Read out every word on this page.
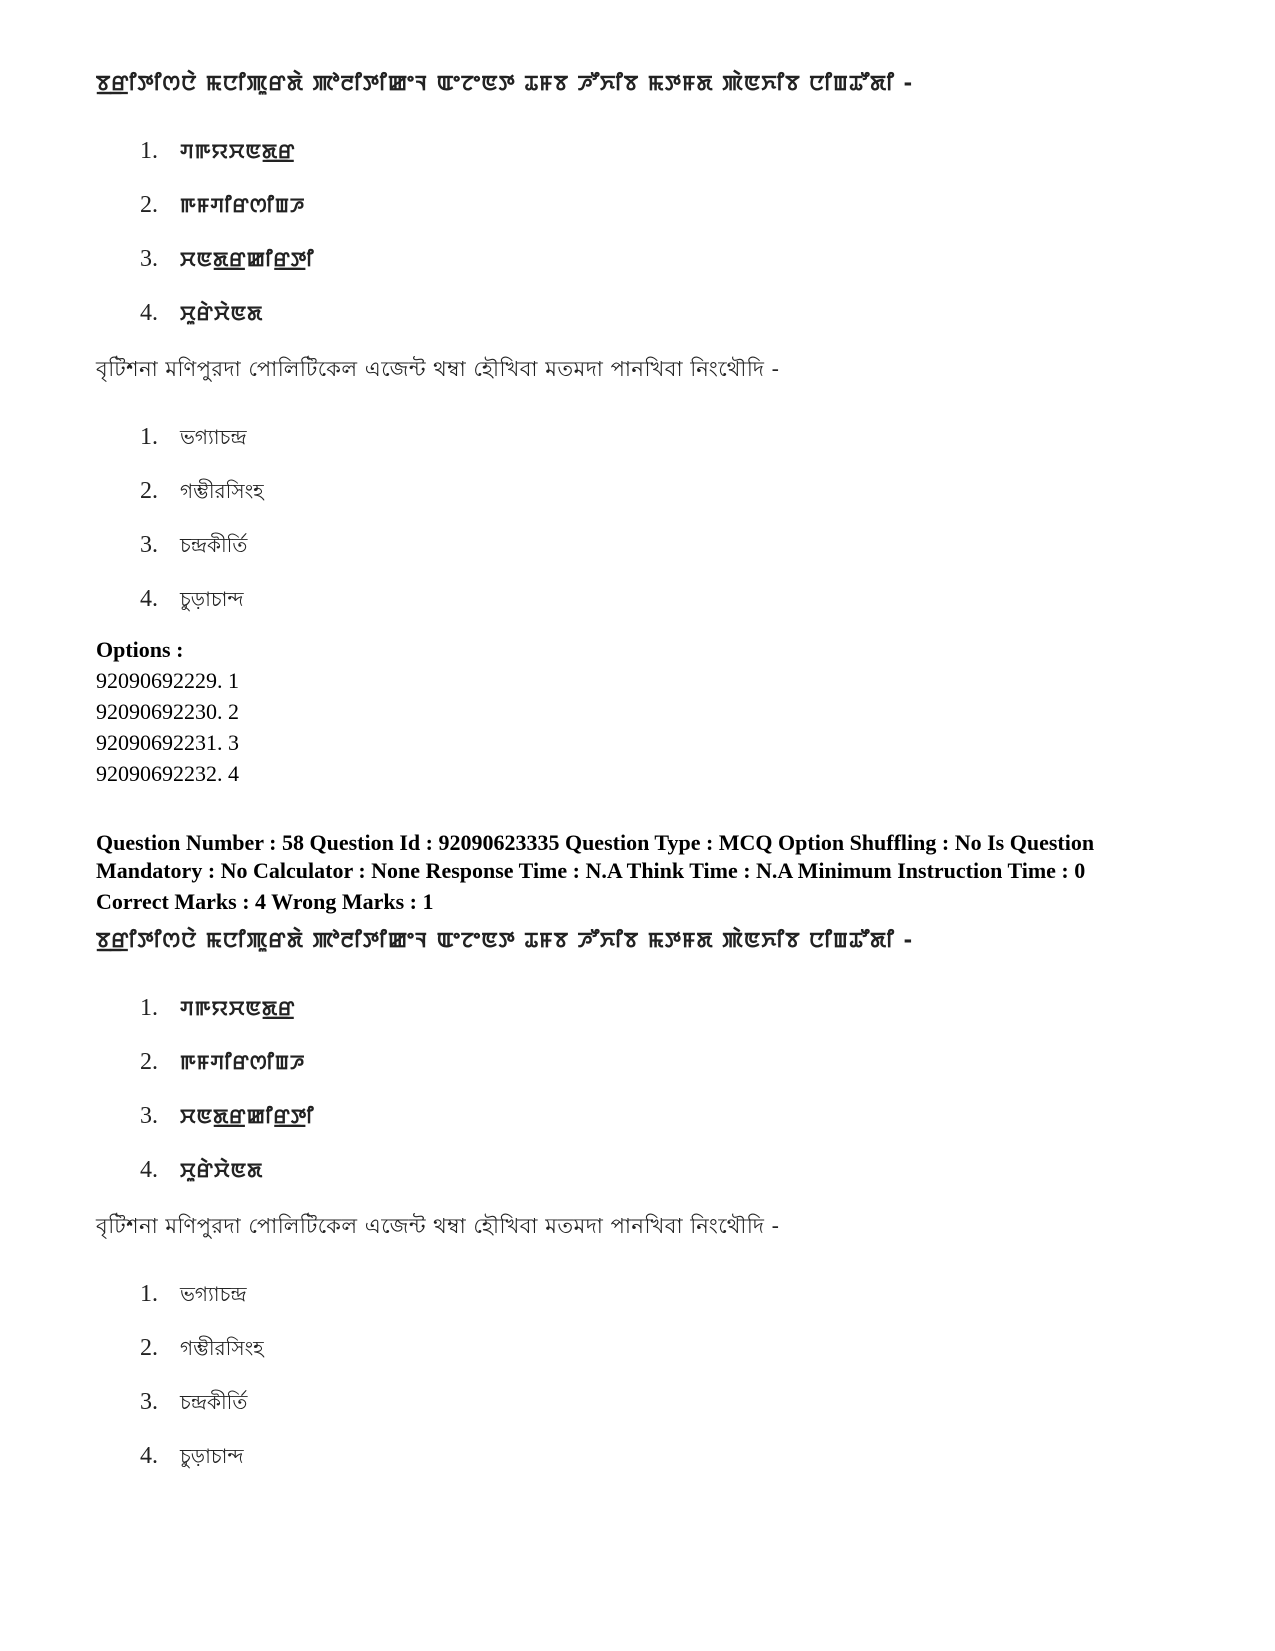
ꯕ꯭ꯔꯤꯇꯤꯁꯅꯥ ꯃꯅꯤꯄꯨꯔꯗꯥ ꯄꯣꯂꯤꯇꯤꯀꯦꯜ ꯑꯦꯖꯦꯟꯇ ꯊꯝꯕ ꯍꯧꯈꯤꯕ ꯃꯇꯝꯗ ꯄꯥꯟꯈꯤꯕ ꯅꯤꯡꯊꯧꯗꯤ -
1.	ꯚꯒꯌꯆꯟꯗ꯭ꯔ
2.	ꯒꯝꯚꯤꯔꯁꯤꯡꯍ
3.	ꯆꯟꯗ꯭ꯔꯀꯤꯔ꯭ꯇꯤ
4.	ꯆꯨꯔꯥꯆꯥꯟꯗ
বৃটিশনা মণিপুরদা পোলিটিকেল এজেন্ট থম্বা হৌখিবা মতমদা পানখিবা নিংথৌদি -
1.	ভগ্যাচন্দ্র
2.	গম্ভীরসিংহ
3.	চন্দ্রকীর্তি
4.	চুড়াচান্দ
Options :
92090692229. 1
92090692230. 2
92090692231. 3
92090692232. 4
Question Number : 58 Question Id : 92090623335 Question Type : MCQ Option Shuffling : No Is Question
Mandatory : No Calculator : None Response Time : N.A Think Time : N.A Minimum Instruction Time : 0
Correct Marks : 4 Wrong Marks : 1
ꯕ꯭ꯔꯤꯇꯤꯁꯅꯥ ꯃꯅꯤꯄꯨꯔꯗꯥ ꯄꯣꯂꯤꯇꯤꯀꯦꯜ ꯑꯦꯖꯦꯟꯇ ꯊꯝꯕ ꯍꯧꯈꯤꯕ ꯃꯇꯝꯗ ꯄꯥꯟꯈꯤꯕ ꯅꯤꯡꯊꯧꯗꯤ -
1.	ꯚꯒꯌꯆꯟꯗ꯭ꯔ
2.	ꯒꯝꯚꯤꯔꯁꯤꯡꯍ
3.	ꯆꯟꯗ꯭ꯔꯀꯤꯔ꯭ꯇꯤ
4.	ꯆꯨꯔꯥꯆꯥꯟꯗ
বৃটিশনা মণিপুরদা পোলিটিকেল এজেন্ট থম্বা হৌখিবা মতমদা পানখিবা নিংথৌদি -
1.	ভগ্যাচন্দ্র
2.	গম্ভীরসিংহ
3.	চন্দ্রকীর্তি
4.	চুড়াচান্দ
